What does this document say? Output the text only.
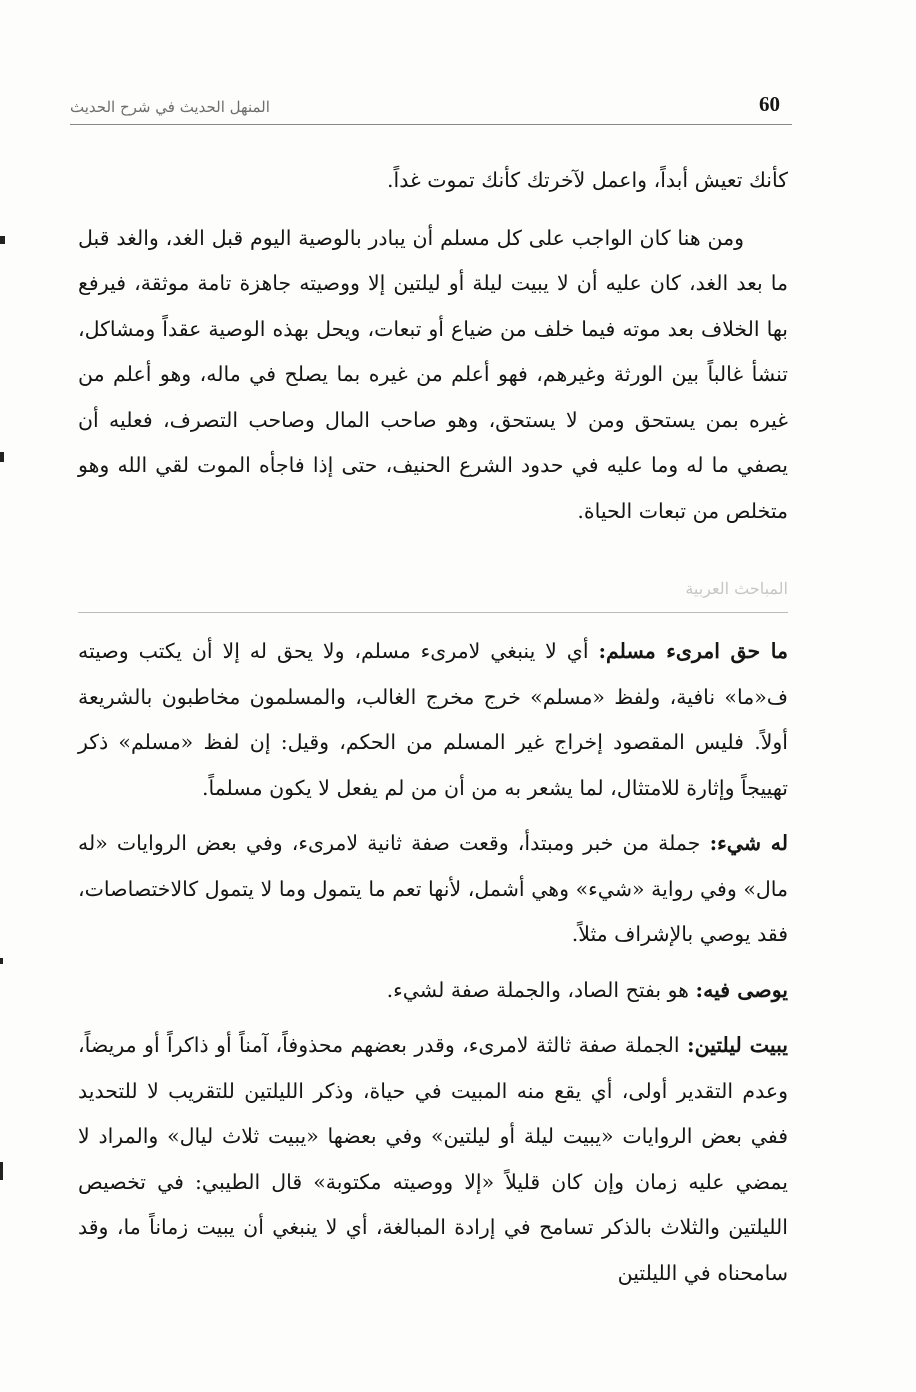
60
المنهل الحديث في شرح الحديث

كأنك تعيش أبداً، واعمل لآخرتك كأنك تموت غداً.

ومن هنا كان الواجب على كل مسلم أن يبادر بالوصية اليوم قبل الغد، والغد قبل ما بعد الغد، كان عليه أن لا يبيت ليلة أو ليلتين إلا ووصيته جاهزة تامة موثقة، فيرفع بها الخلاف بعد موته فيما خلف من ضياع أو تبعات، ويحل بهذه الوصية عقداً ومشاكل، تنشأ غالباً بين الورثة وغيرهم، فهو أعلم من غيره بما يصلح في ماله، وهو أعلم من غيره بمن يستحق ومن لا يستحق، وهو صاحب المال وصاحب التصرف، فعليه أن يصفي ما له وما عليه في حدود الشرع الحنيف، حتى إذا فاجأه الموت لقي الله وهو متخلص من تبعات الحياة.

المباحث العربية

ما حق امرىء مسلم: أي لا ينبغي لامرىء مسلم، ولا يحق له إلا أن يكتب وصيته ف«ما» نافية، ولفظ «مسلم» خرج مخرج الغالب، والمسلمون مخاطبون بالشريعة أولاً. فليس المقصود إخراج غير المسلم من الحكم، وقيل: إن لفظ «مسلم» ذكر تهييجاً وإثارة للامتثال، لما يشعر به من أن من لم يفعل لا يكون مسلماً.

له شيء: جملة من خبر ومبتدأ، وقعت صفة ثانية لامرىء، وفي بعض الروايات «له مال» وفي رواية «شيء» وهي أشمل، لأنها تعم ما يتمول وما لا يتمول كالاختصاصات، فقد يوصي بالإشراف مثلاً.

يوصى فيه: هو بفتح الصاد، والجملة صفة لشيء.

يبيت ليلتين: الجملة صفة ثالثة لامرىء، وقدر بعضهم محذوفاً، آمناً أو ذاكراً أو مريضاً، وعدم التقدير أولى، أي يقع منه المبيت في حياة، وذكر الليلتين للتقريب لا للتحديد ففي بعض الروايات «يبيت ليلة أو ليلتين» وفي بعضها «يبيت ثلاث ليال» والمراد لا يمضي عليه زمان وإن كان قليلاً «إلا ووصيته مكتوبة» قال الطيبي: في تخصيص الليلتين والثلاث بالذكر تسامح في إرادة المبالغة، أي لا ينبغي أن يبيت زماناً ما، وقد سامحناه في الليلتين
